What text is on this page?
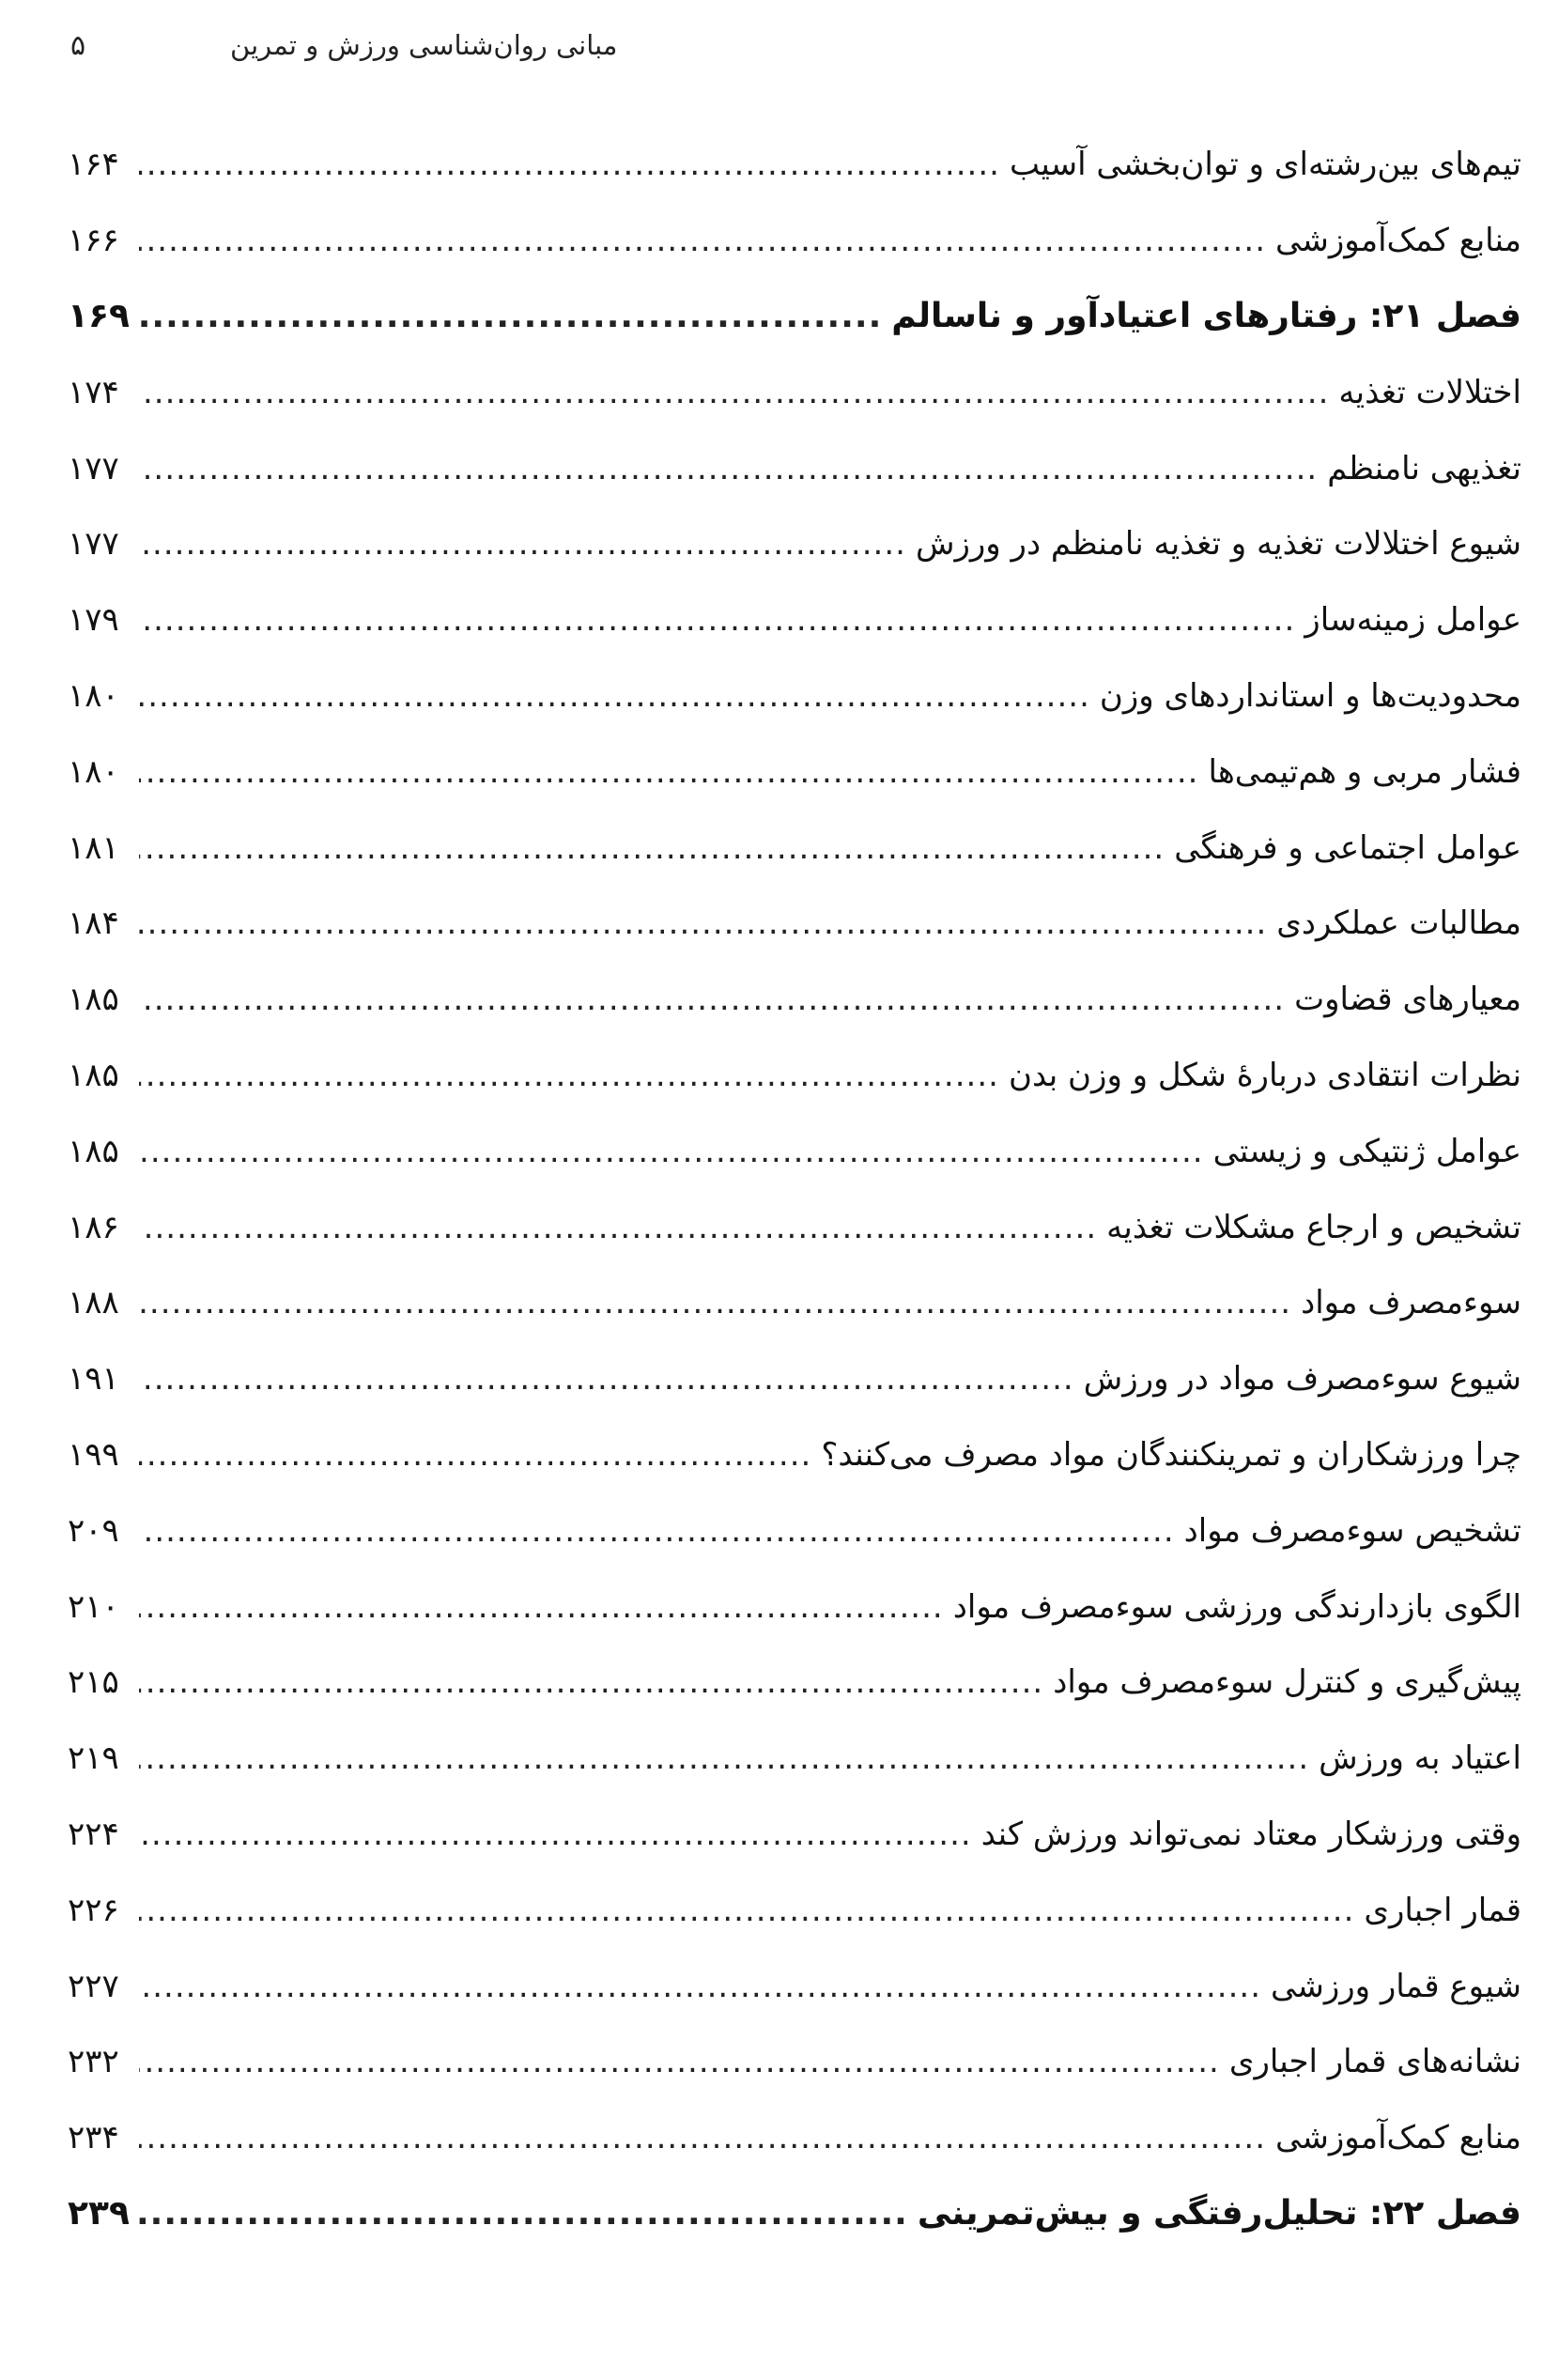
۵	مبانی روان‌شناسی ورزش و تمرین
تیم‌های بین‌رشته‌ای و توان‌بخشی آسیب
.....
۱۶۴
منابع کمک‌آموزشی
.....
۱۶۶
فصل ۲۱: رفتارهای اعتیادآور و ناسالم
.....
۱۶۹
اختلالات تغذیه
.....
۱۷۴
تغذیهی نامنظم
.....
۱۷۷
شیوع اختلالات تغذیه و تغذیه نامنظم در ورزش
.....
۱۷۷
عوامل زمینه‌ساز
.....
۱۷۹
محدودیت‌ها و استانداردهای وزن
.....
۱۸۰
فشار مربی و هم‌تیمی‌ها
.....
۱۸۰
عوامل اجتماعی و فرهنگی
.....
۱۸۱
مطالبات عملکردی
.....
۱۸۴
معیارهای قضاوت
.....
۱۸۵
نظرات انتقادی دربارهٔ شکل و وزن بدن
.....
۱۸۵
عوامل ژنتیکی و زیستی
.....
۱۸۵
تشخیص و ارجاع مشکلات تغذیه
.....
۱۸۶
سوءمصرف مواد
.....
۱۸۸
شیوع سوءمصرف مواد در ورزش
.....
۱۹۱
چرا ورزشکاران و تمرینکنندگان مواد مصرف می‌کنند؟
.....
۱۹۹
تشخیص سوءمصرف مواد
.....
۲۰۹
الگوی بازدارندگی ورزشی سوءمصرف مواد
.....
۲۱۰
پیش‌گیری و کنترل سوءمصرف مواد
.....
۲۱۵
اعتیاد به ورزش
.....
۲۱۹
وقتی ورزشکار معتاد نمی‌تواند ورزش کند
.....
۲۲۴
قمار اجباری
.....
۲۲۶
شیوع قمار ورزشی
.....
۲۲۷
نشانه‌های قمار اجباری
.....
۲۳۲
منابع کمک‌آموزشی
.....
۲۳۴
فصل ۲۲: تحلیل‌رفتگی و بیش‌تمرینی
.....
۲۳۹
